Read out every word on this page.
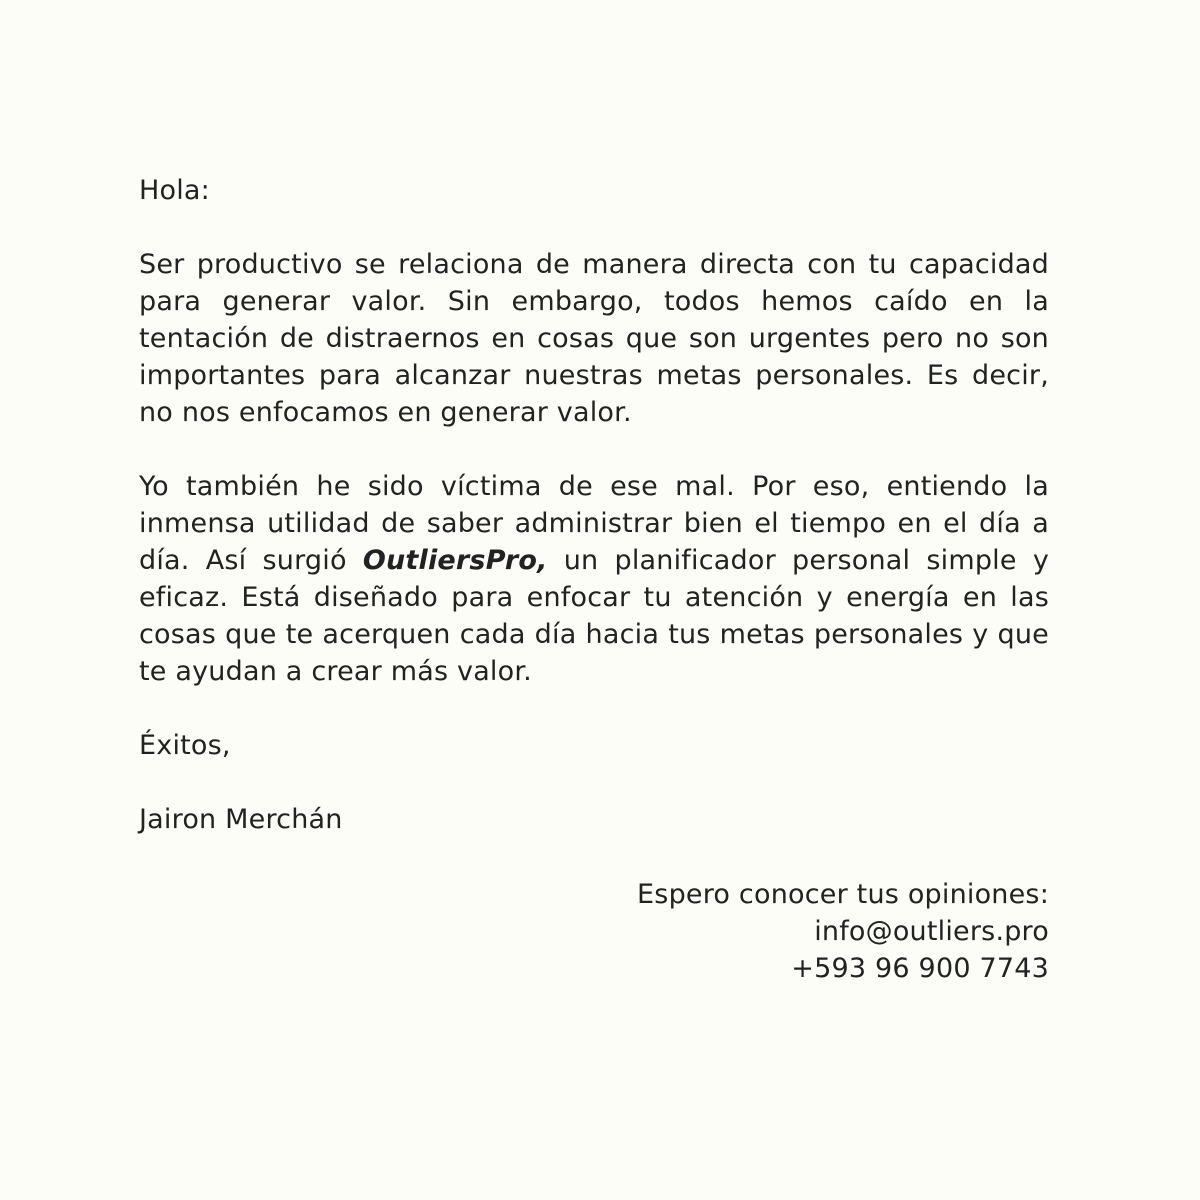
Hola:

Ser productivo se relaciona de manera directa con tu capacidad para generar valor. Sin embargo, todos hemos caído en la tentación de distraernos en cosas que son urgentes pero no son importantes para alcanzar nuestras metas personales. Es decir, no nos enfocamos en generar valor.

Yo también he sido víctima de ese mal. Por eso, entiendo la inmensa utilidad de saber administrar bien el tiempo en el día a día. Así surgió OutliersPro, un planificador personal simple y eficaz. Está diseñado para enfocar tu atención y energía en las cosas que te acerquen cada día hacia tus metas personales y que te ayudan a crear más valor.

Éxitos,

Jairon Merchán

Espero conocer tus opiniones:
info@outliers.pro
+593 96 900 7743
